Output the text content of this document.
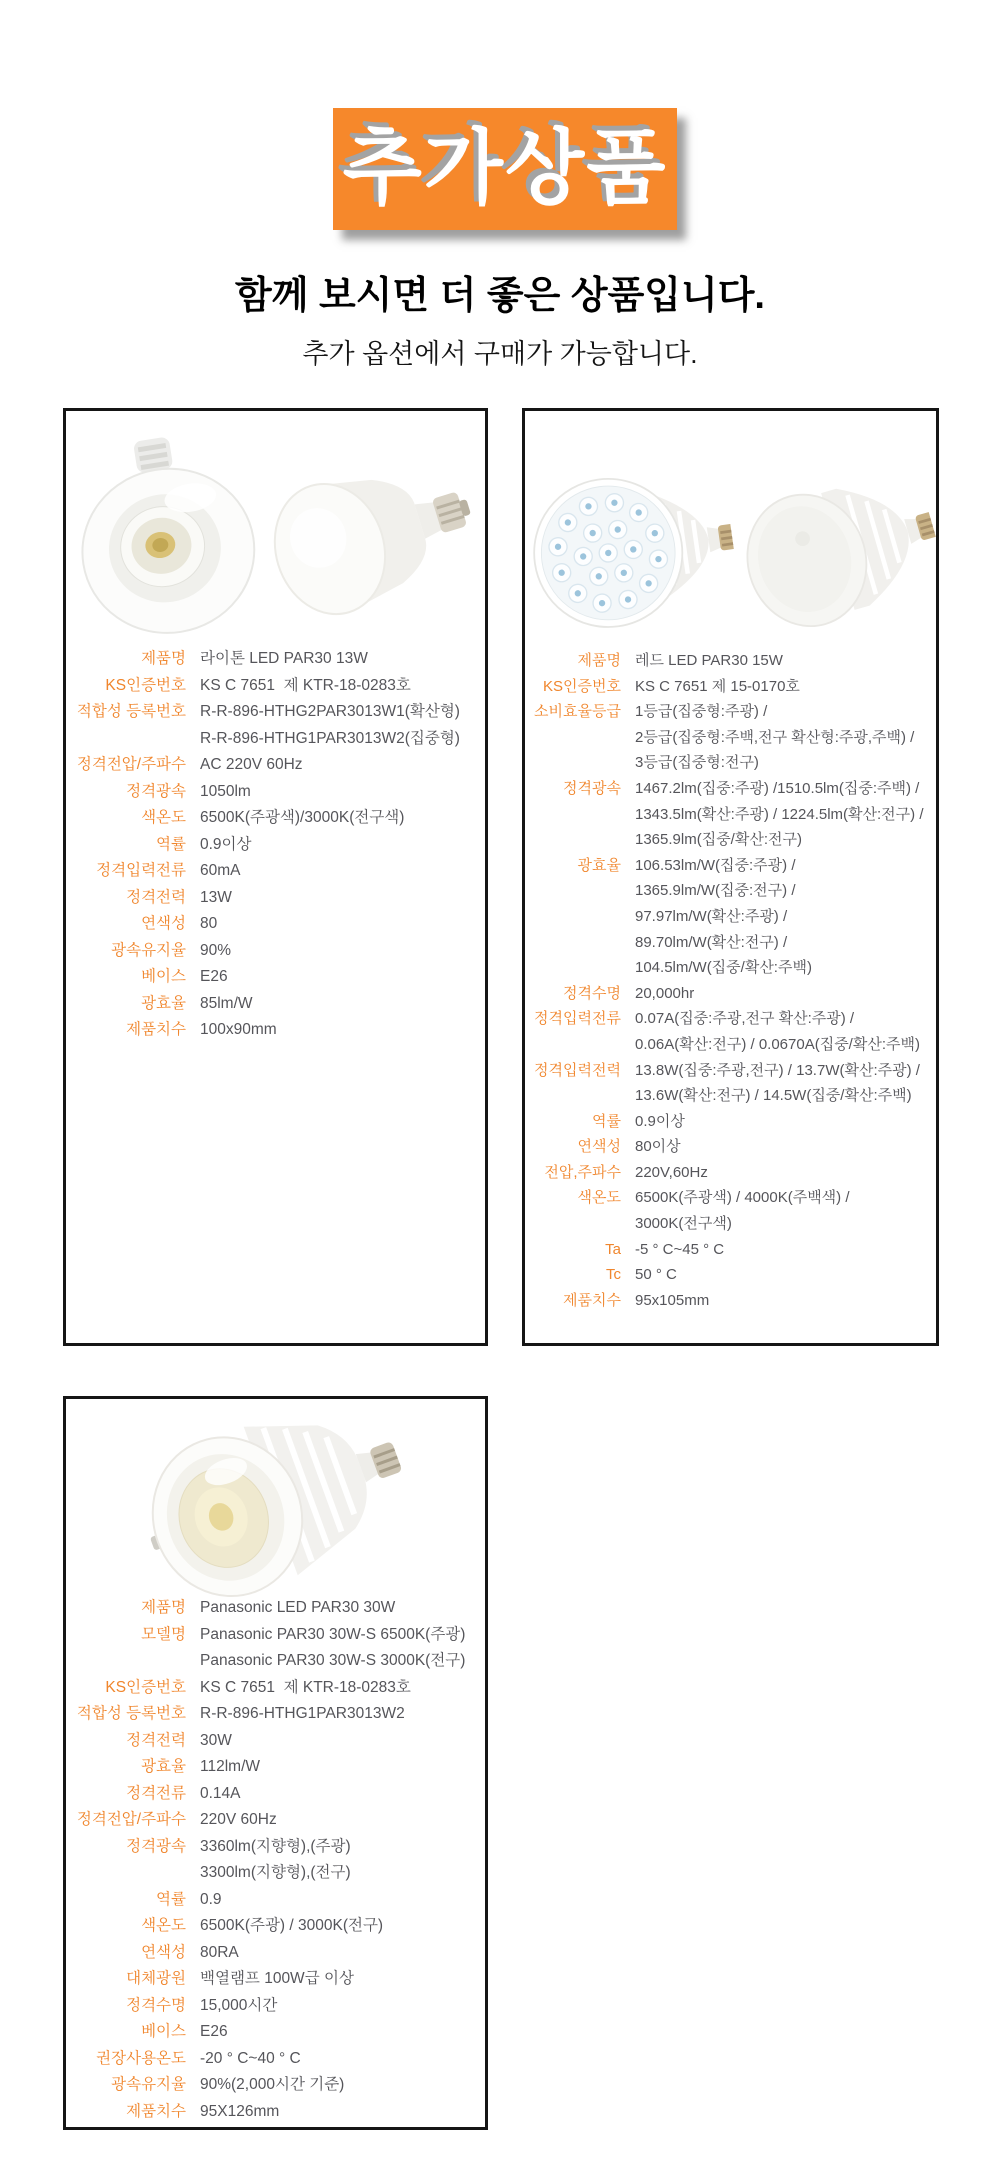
추가상품
함께 보시면 더 좋은 상품입니다.
추가 옵션에서 구매가 가능합니다.
제품명 라이톤 LED PAR30 13W
KS인증번호 KS C 7651  제 KTR-18-0283호
적합성 등록번호 R-R-896-HTHG2PAR3013W1(확산형)
R-R-896-HTHG1PAR3013W2(집중형)
정격전압/주파수 AC 220V 60Hz
정격광속 1050lm
색온도 6500K(주광색)/3000K(전구색)
역률 0.9이상
정격입력전류 60mA
정격전력 13W
연색성 80
광속유지율 90%
베이스 E26
광효율 85lm/W
제품치수 100x90mm
제품명 레드 LED PAR30 15W
KS인증번호 KS C 7651 제 15-0170호
소비효율등급 1등급(집중형:주광) /
2등급(집중형:주백,전구 확산형:주광,주백) /
3등급(집중형:전구)
정격광속 1467.2lm(집중:주광) /1510.5lm(집중:주백) /
1343.5lm(확산:주광) / 1224.5lm(확산:전구) /
1365.9lm(집중/확산:전구)
광효율 106.53lm/W(집중:주광) /
1365.9lm/W(집중:전구) /
97.97lm/W(확산:주광) /
89.70lm/W(확산:전구) /
104.5lm/W(집중/확산:주백)
정격수명 20,000hr
정격입력전류 0.07A(집중:주광,전구 확산:주광) /
0.06A(확산:전구) / 0.0670A(집중/확산:주백)
정격입력전력 13.8W(집중:주광,전구) / 13.7W(확산:주광) /
13.6W(확산:전구) / 14.5W(집중/확산:주백)
역률 0.9이상
연색성 80이상
전압,주파수 220V,60Hz
색온도 6500K(주광색) / 4000K(주백색) /
3000K(전구색)
Ta -5 ° C~45 ° C
Tc 50 ° C
제품치수 95x105mm
제품명 Panasonic LED PAR30 30W
모델명 Panasonic PAR30 30W-S 6500K(주광)
Panasonic PAR30 30W-S 3000K(전구)
KS인증번호 KS C 7651  제 KTR-18-0283호
적합성 등록번호 R-R-896-HTHG1PAR3013W2
정격전력 30W
광효율 112lm/W
정격전류 0.14A
정격전압/주파수 220V 60Hz
정격광속 3360lm(지향형),(주광)
3300lm(지향형),(전구)
역률 0.9
색온도 6500K(주광) / 3000K(전구)
연색성 80RA
대체광원 백열램프 100W급 이상
정격수명 15,000시간
베이스 E26
권장사용온도 -20 ° C~40 ° C
광속유지율 90%(2,000시간 기준)
제품치수 95X126mm
